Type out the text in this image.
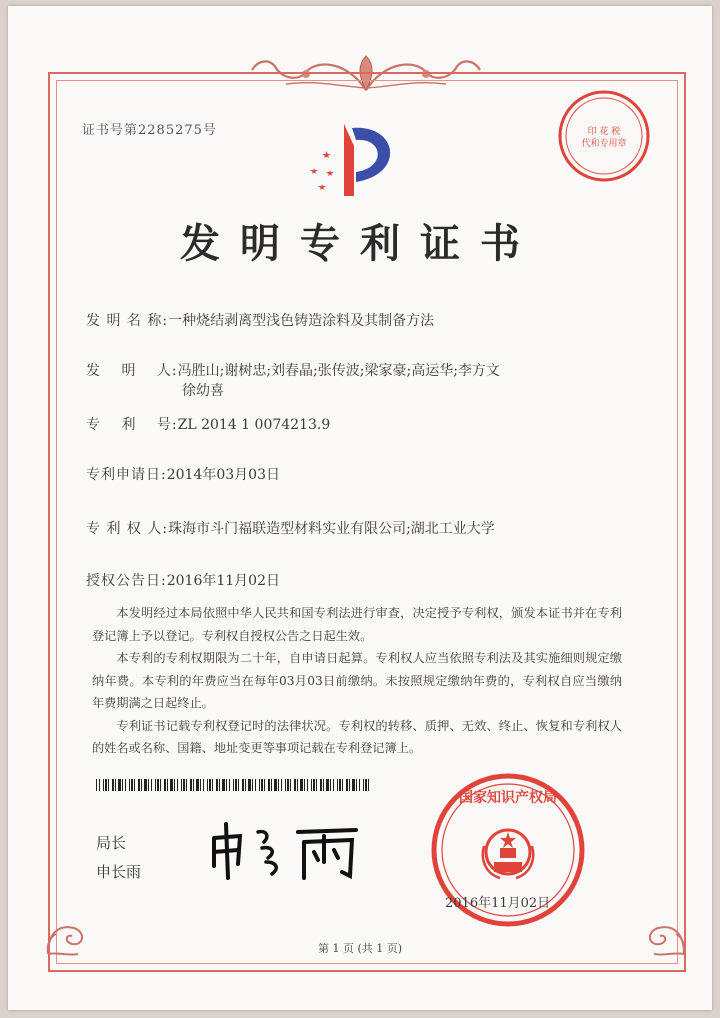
证书号第2285275号	印 花 税
代和专用章
发明专利证书
发 明 名 称:一种烧结剥离型浅色铸造涂料及其制备方法
发　 明　 人:冯胜山;谢树忠;刘春晶;张传波;梁家豪;高运华;李方文
徐幼喜
专　 利　 号:ZL 2014 1 0074213.9
专利申请日:2014年03月03日
专 利 权 人:珠海市斗门福联造型材料实业有限公司;湖北工业大学
授权公告日:2016年11月02日

本发明经过本局依照中华人民共和国专利法进行审查，决定授予专利权，颁发本证书并在专利登记簿上予以登记。专利权自授权公告之日起生效。

本专利的专利权期限为二十年，自申请日起算。专利权人应当依照专利法及其实施细则规定缴纳年费。本专利的年费应当在每年03月03日前缴纳。未按照规定缴纳年费的，专利权自应当缴纳年费期满之日起终止。

专利证书记载专利权登记时的法律状况。专利权的转移、质押、无效、终止、恢复和专利权人的姓名或名称、国籍、地址变更等事项记载在专利登记簿上。

局长
申长雨
国家知识产权局
2016年11月02日
第 1 页 (共 1 页)
